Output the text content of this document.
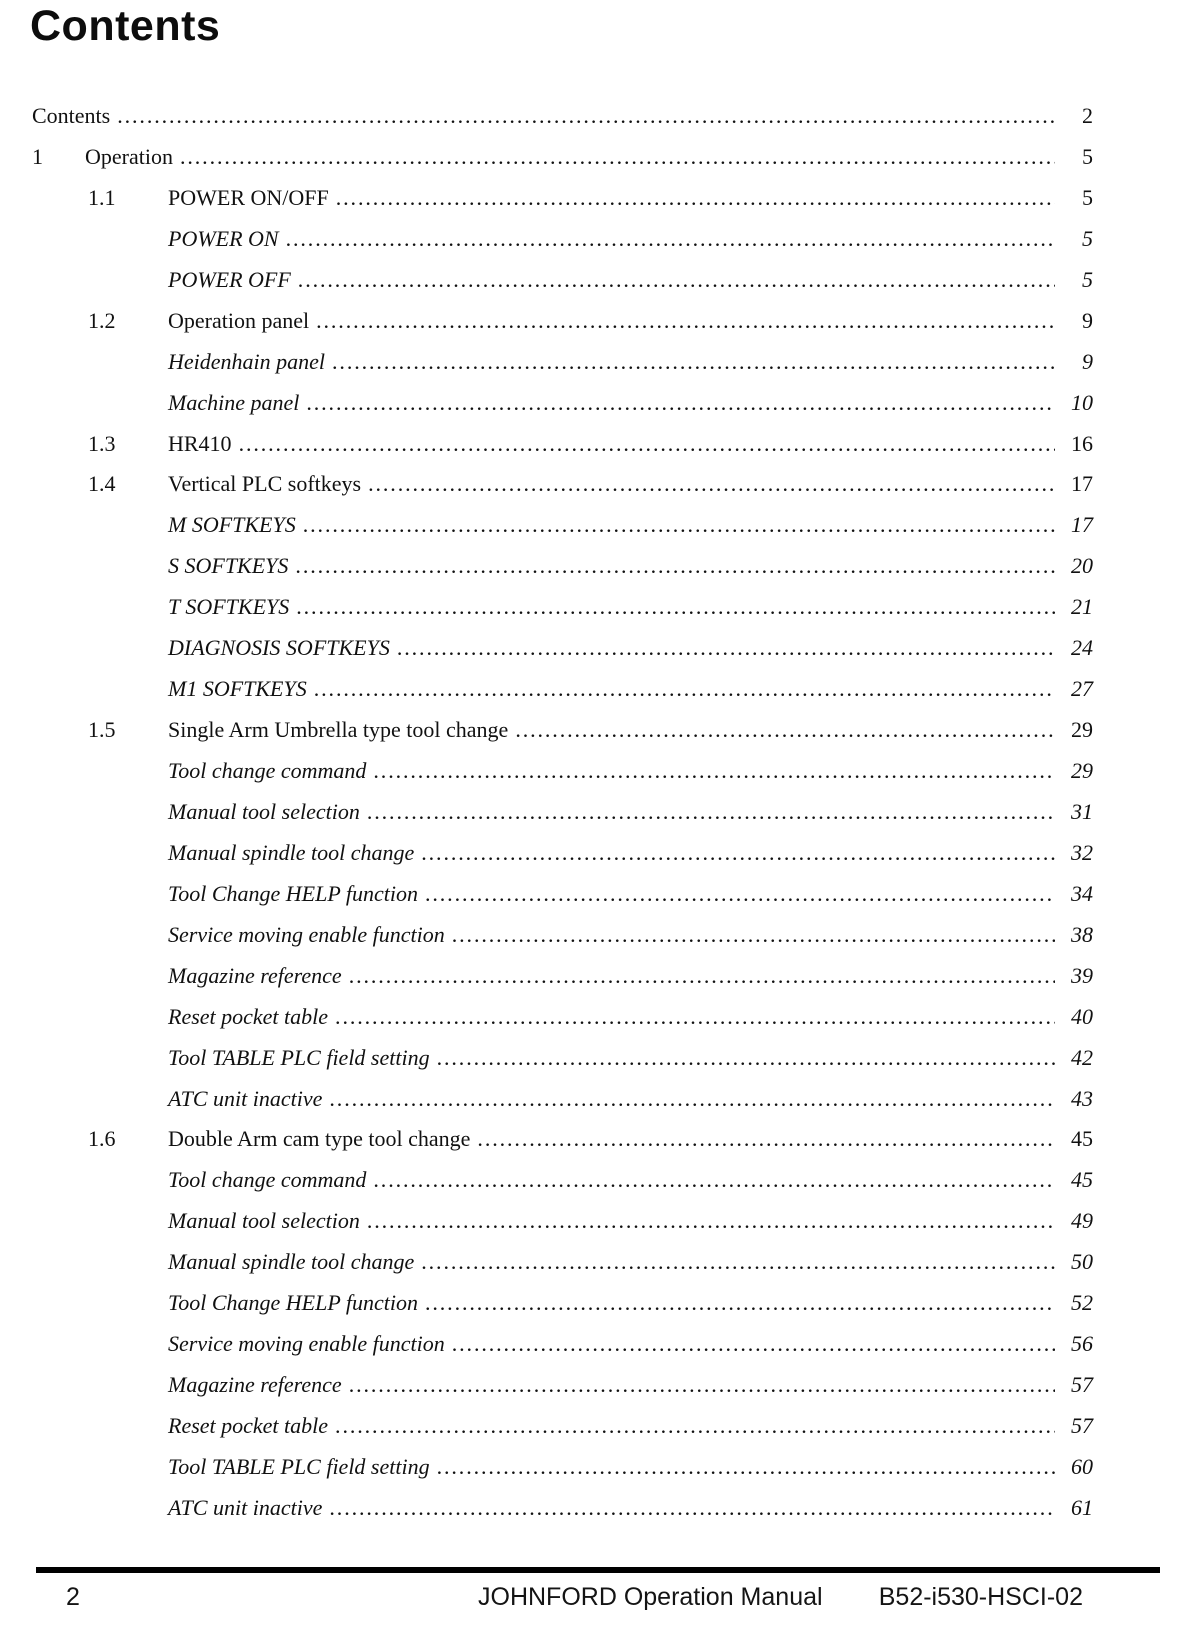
Contents
Contents .....	2
1	Operation .....	5
1.1	POWER ON/OFF .....	5
POWER ON .....	5
POWER OFF .....	5
1.2	Operation panel .....	9
Heidenhain panel .....	9
Machine panel .....	10
1.3	HR410 .....	16
1.4	Vertical PLC softkeys .....	17
M SOFTKEYS .....	17
S SOFTKEYS .....	20
T SOFTKEYS .....	21
DIAGNOSIS SOFTKEYS .....	24
M1 SOFTKEYS .....	27
1.5	Single Arm Umbrella type tool change .....	29
Tool change command .....	29
Manual tool selection .....	31
Manual spindle tool change .....	32
Tool Change HELP function .....	34
Service moving enable function .....	38
Magazine reference .....	39
Reset pocket table .....	40
Tool TABLE PLC field setting .....	42
ATC unit inactive .....	43
1.6	Double Arm cam type tool change .....	45
Tool change command .....	45
Manual tool selection .....	49
Manual spindle tool change .....	50
Tool Change HELP function .....	52
Service moving enable function .....	56
Magazine reference .....	57
Reset pocket table .....	57
Tool TABLE PLC field setting .....	60
ATC unit inactive .....	61
2	JOHNFORD Operation Manual B52-i530-HSCI-02
